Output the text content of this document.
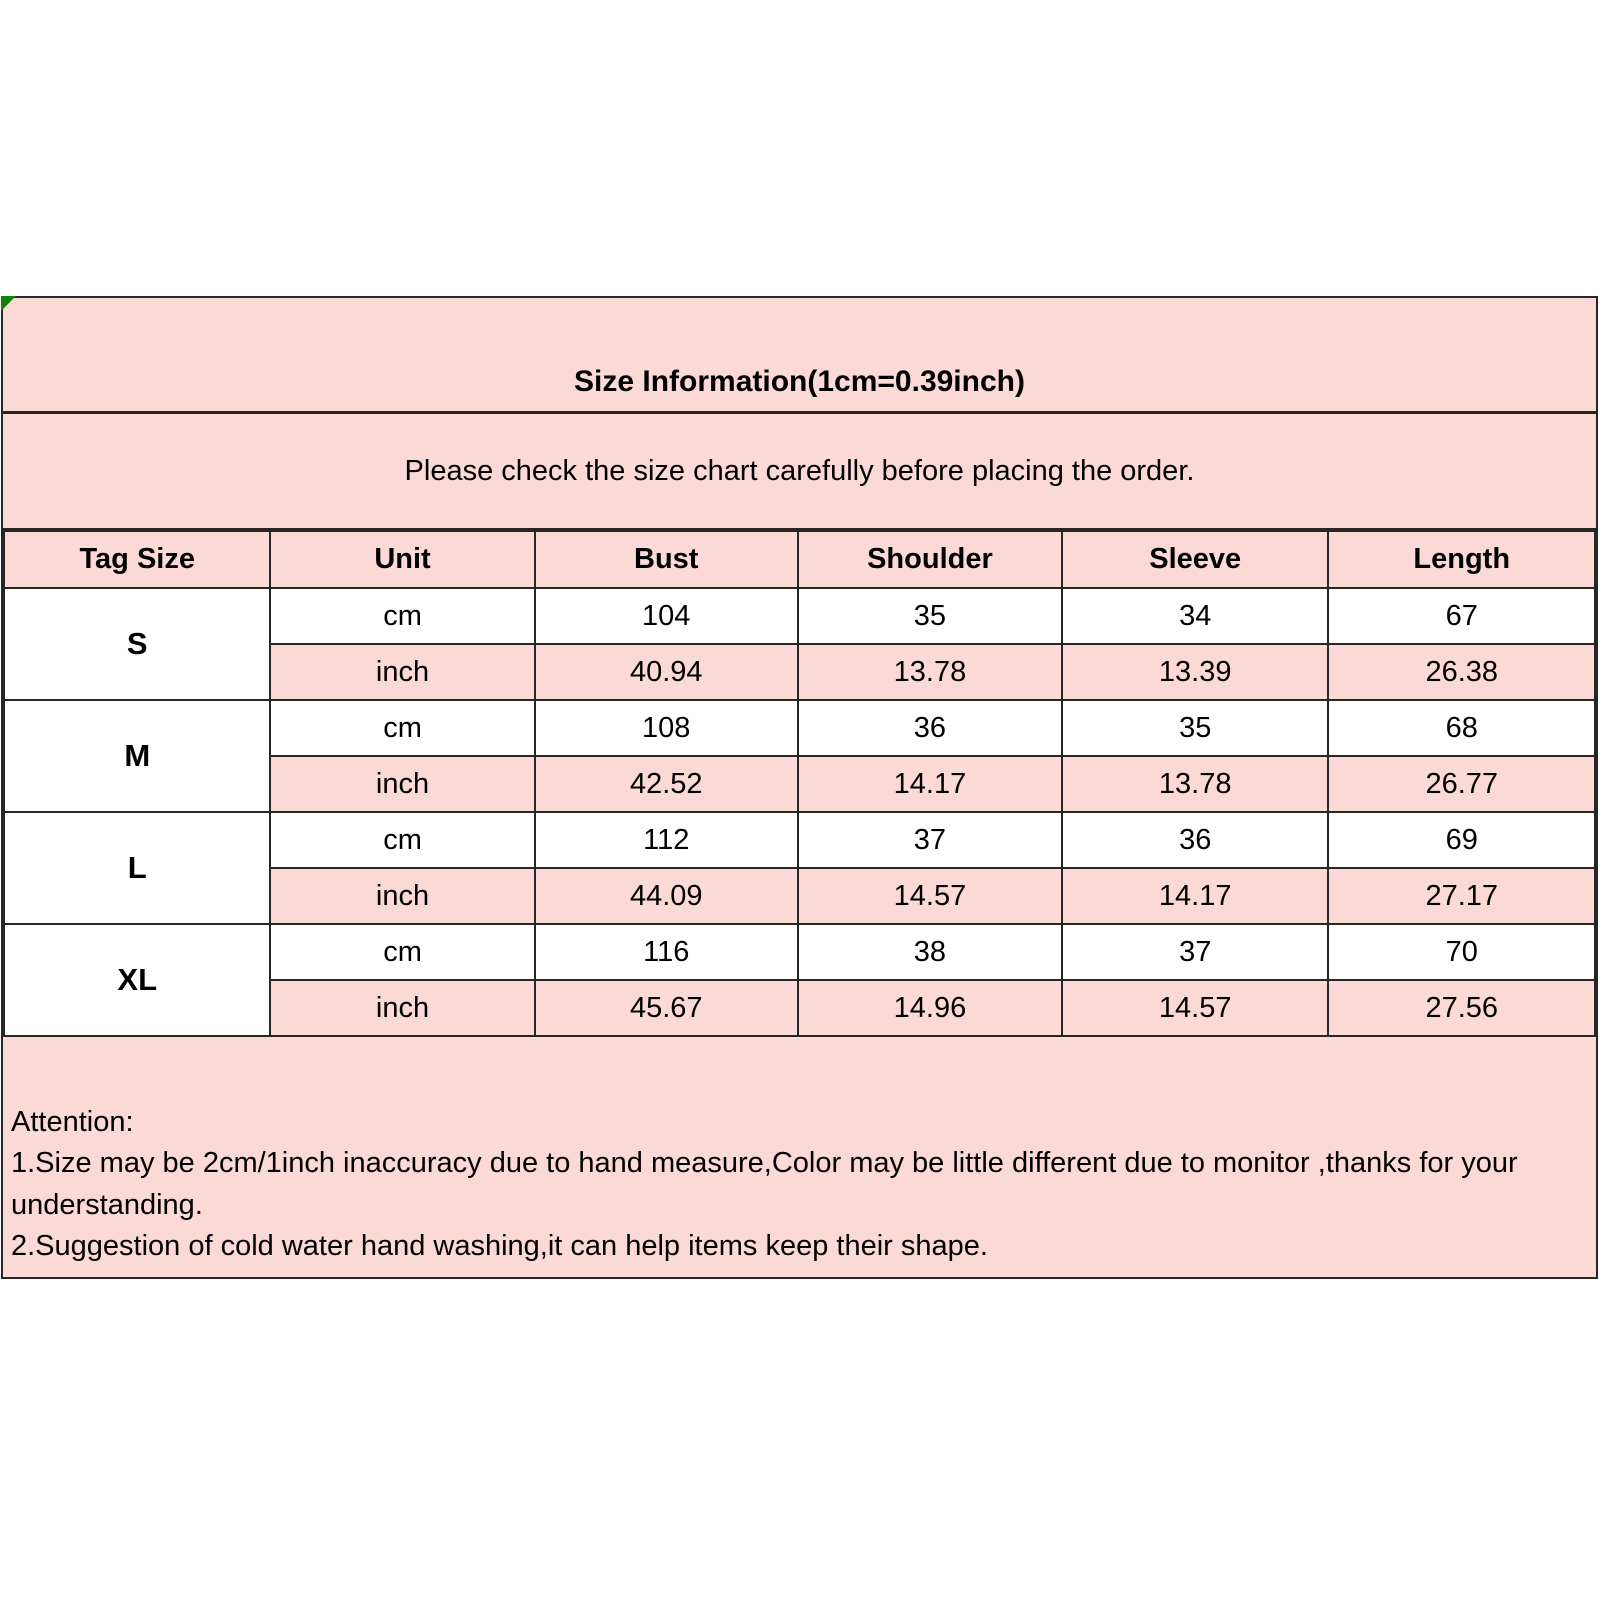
Size Information(1cm=0.39inch)
Please check the size chart carefully before placing the order.
Tag Size	Unit	Bust	Shoulder	Sleeve	Length
S	cm	104	35	34	67
	inch	40.94	13.78	13.39	26.38
M	cm	108	36	35	68
	inch	42.52	14.17	13.78	26.77
L	cm	112	37	36	69
	inch	44.09	14.57	14.17	27.17
XL	cm	116	38	37	70
	inch	45.67	14.96	14.57	27.56
Attention:
1.Size may be 2cm/1inch inaccuracy due to hand measure,Color may be little different due to monitor ,thanks for your understanding.
2.Suggestion of cold water hand washing,it can help items keep their shape.
